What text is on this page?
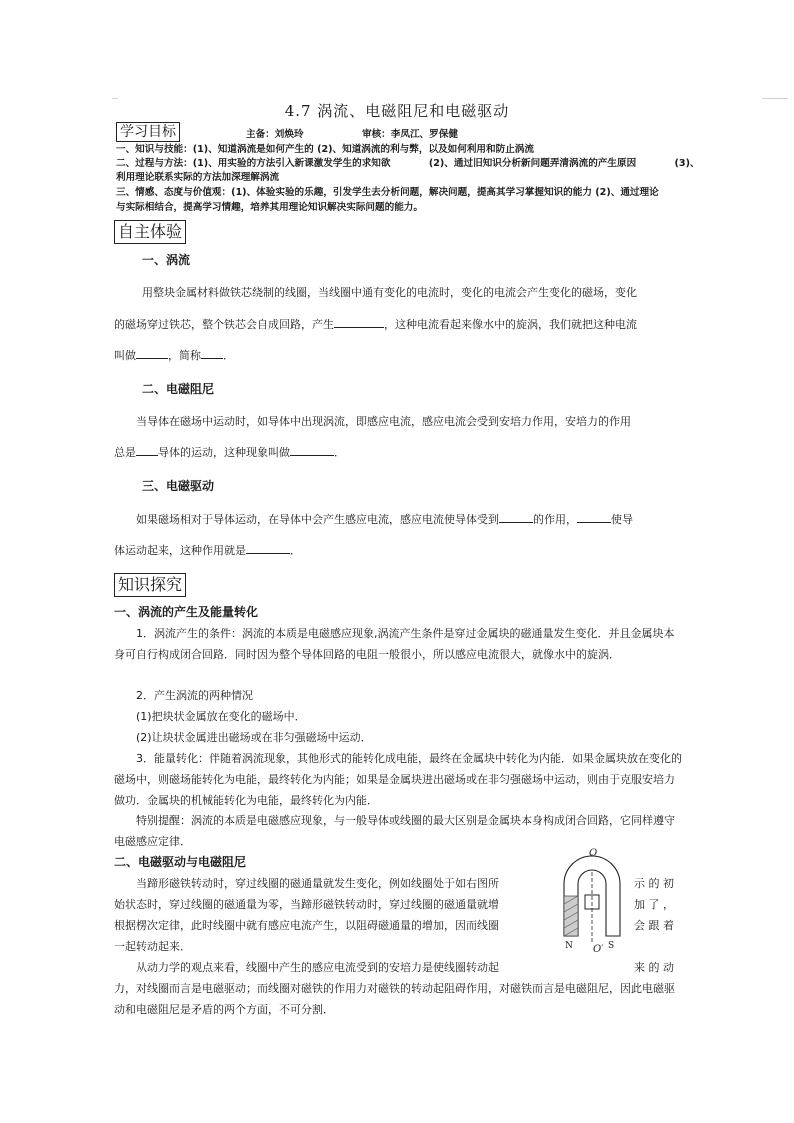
4.7 涡流、电磁阻尼和电磁驱动
学习目标	主备：刘焕玲	审核：李凤江、罗保健
一、知识与技能：(1)、知道涡流是如何产生的 (2)、知道涡流的利与弊，以及如何利用和防止涡流
二、过程与方法：(1)、用实验的方法引入新课激发学生的求知欲　　　　(2)、通过旧知识分析新问题弄清涡流的产生原因　　　　(3)、
利用理论联系实际的方法加深理解涡流
三、情感、态度与价值观：(1)、体验实验的乐趣，引发学生去分析问题，解决问题，提高其学习掌握知识的能力 (2)、通过理论
与实际相结合，提高学习情趣，培养其用理论知识解决实际问题的能力。
自主体验
一、涡流
用整块金属材料做铁芯绕制的线圈，当线圈中通有变化的电流时，变化的电流会产生变化的磁场，变化
的磁场穿过铁芯，整个铁芯会自成回路，产生	，这种电流看起来像水中的旋涡，我们就把这种电流
叫做	，简称 ．
二、电磁阻尼
当导体在磁场中运动时，如导体中出现涡流，即感应电流，感应电流会受到安培力作用，安培力的作用
总是 导体的运动，这种现象叫做	．
三、电磁驱动
如果磁场相对于导体运动，在导体中会产生感应电流，感应电流使导体受到	的作用，	使导
体运动起来，这种作用就是	．
知识探究
一、涡流的产生及能量转化
1．涡流产生的条件：涡流的本质是电磁感应现象,涡流产生条件是穿过金属块的磁通量发生变化．并且金属块本身可自行构成闭合回路．同时因为整个导体回路的电阻一般很小，所以感应电流很大，就像水中的旋涡．
2．产生涡流的两种情况
(1)把块状金属放在变化的磁场中．
(2)让块状金属进出磁场或在非匀强磁场中运动．
3．能量转化：伴随着涡流现象，其他形式的能转化成电能，最终在金属块中转化为内能．如果金属块放在变化的磁场中，则磁场能转化为电能，最终转化为内能；如果是金属块进出磁场或在非匀强磁场中运动，则由于克服安培力做功．金属块的机械能转化为电能，最终转化为内能．
特别提醒：涡流的本质是电磁感应现象，与一般导体或线圈的最大区别是金属块本身构成闭合回路，它同样遵守电磁感应定律．
二、电磁驱动与电磁阻尼
当蹄形磁铁转动时，穿过线圈的磁通量就发生变化，例如线圈处于如右图所	示 的 初
始状态时，穿过线圈的磁通量为零，当蹄形磁铁转动时，穿过线圈的磁通量就增	加 了 ，
根据楞次定律，此时线圈中就有感应电流产生，以阻碍磁通量的增加，因而线圈	会 跟 着
一起转动起来．
从动力学的观点来看，线圈中产生的感应电流受到的安培力是使线圈转动起	来 的 动
力，对线圈而言是电磁驱动；而线圈对磁铁的作用力对磁铁的转动起阻碍作用，对磁铁而言是电磁阻尼，因此电磁驱动和电磁阻尼是矛盾的两个方面，不可分割．
O
O′
N	S
